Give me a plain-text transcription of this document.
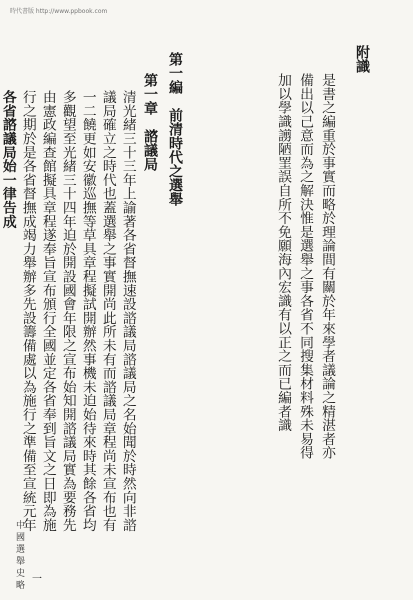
時代書版 http://www.ppbook.com
附識
是書之編重於事實而略於理論間有關於年來學者議論之精湛者亦
備出以己意而為之解決惟是選舉之事各省不同搜集材料殊未易得
加以學識謭陋罣誤自所不免願海內宏識有以正之而已編者識
第一編　前清時代之選舉
第一章　諮議局
清光緒三十三年上諭著各省督撫速設諮議局諮議局之名始聞於時然向非諮
議局確立之時代也蓋選舉之事實開尚此所未有而諮議局章程尚未宣布也有
一二饒更如安徽巡撫等草具章程擬試開辦然事機未迫始待來時其餘各省均
多觀望至光緒三十四年迫於開設國會年限之宣布始知開諮議局實為要務先
由憲政編查館擬具章程遂奉旨宣布頒行全國並定各省奉到旨文之日即為施
行之期於是各省督撫成竭力舉辦多先設籌備處以為施行之準備至宣統元年
各省諮議局始一律告成
中國選舉史略 一
